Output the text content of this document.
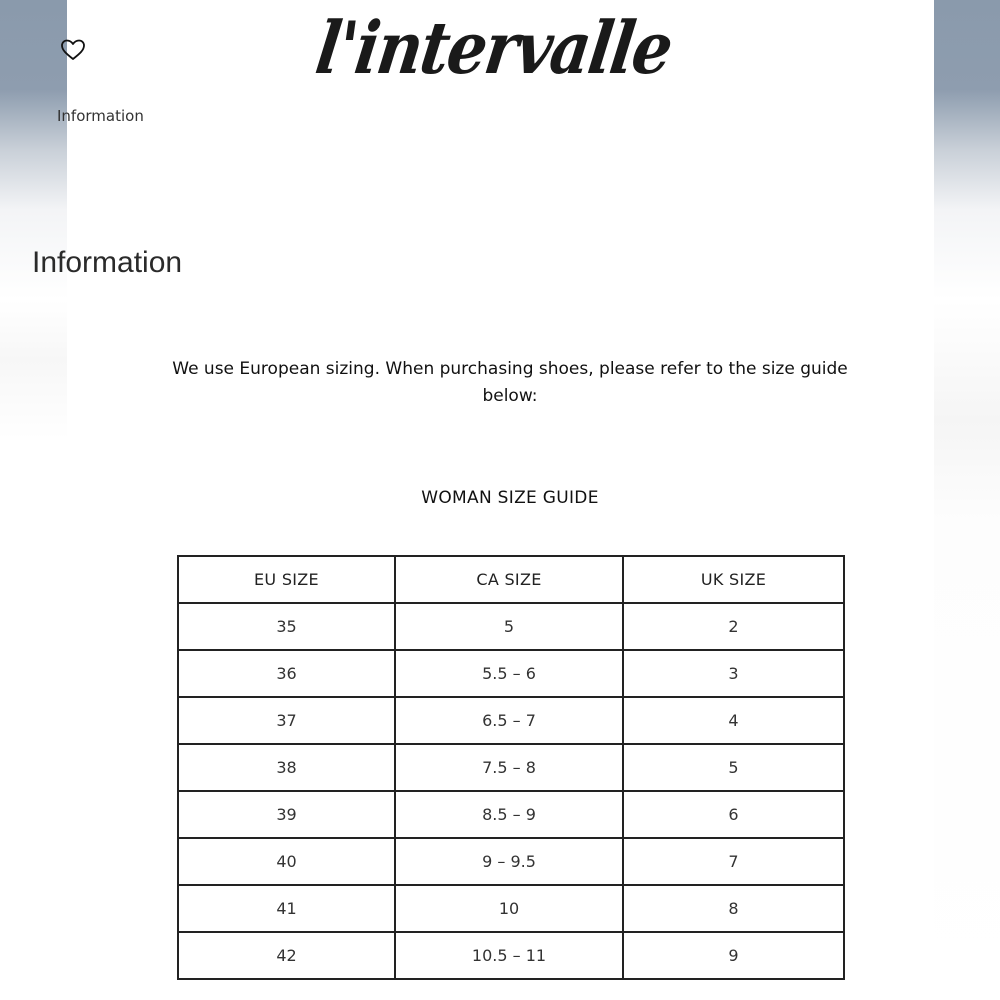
l'intervalle
Information
Information
We use European sizing. When purchasing shoes, please refer to the size guide below:
WOMAN SIZE GUIDE
EU SIZE	CA SIZE	UK SIZE
35	5	2
36	5.5 – 6	3
37	6.5 – 7	4
38	7.5 – 8	5
39	8.5 – 9	6
40	9 – 9.5	7
41	10	8
42	10.5 – 11	9
